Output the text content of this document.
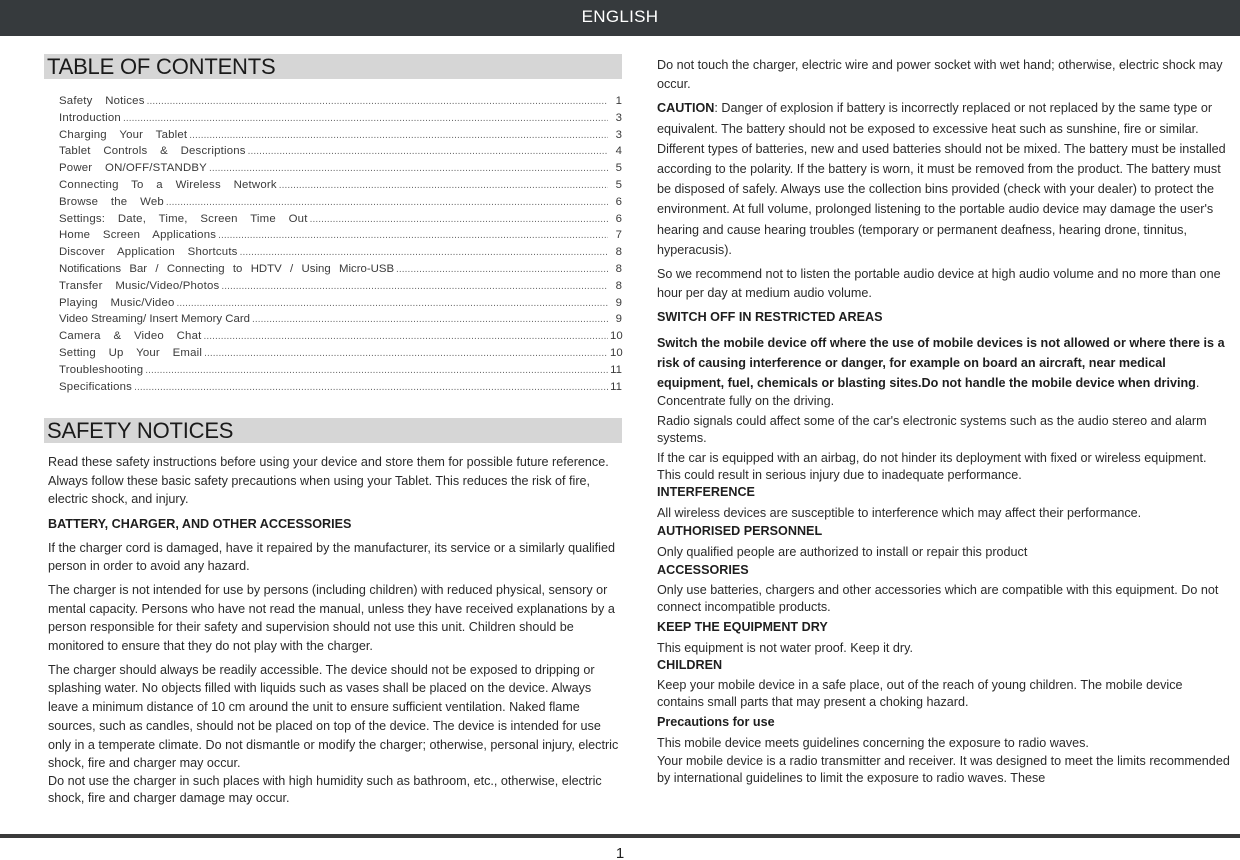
ENGLISH
TABLE OF CONTENTS
Safety  Notices .....	1
Introduction .....	3
Charging  Your  Tablet .....	3
Tablet  Controls  &  Descriptions .....	4
Power  ON/OFF/STANDBY .....	5
Connecting  To  a  Wireless  Network .....	5
Browse  the  Web .....	6
Settings:  Date,  Time,  Screen  Time  Out .....	6
Home  Screen  Applications .....	7
Discover  Application  Shortcuts .....	8
Notifications  Bar  /  Connecting  to  HDTV  /  Using  Micro-USB .....	8
Transfer  Music/Video/Photos .....	8
Playing  Music/Video .....	9
Video Streaming/ Insert Memory Card .....	9
Camera  &  Video  Chat .....	10
Setting  Up  Your  Email .....	10
Troubleshooting .....	11
Specifications .....	11
SAFETY NOTICES

Read these safety instructions before using your device and store them for possible future reference. Always follow these basic safety precautions when using your Tablet. This reduces the risk of fire, electric shock, and injury.

BATTERY, CHARGER, AND OTHER ACCESSORIES

If the charger cord is damaged, have it repaired by the manufacturer, its service or a similarly qualified person in order to avoid any hazard.

The charger is not intended for use by persons (including children) with reduced physical, sensory or mental capacity. Persons who have not read the manual, unless they have received explanations by a person responsible for their safety and supervision should not use this unit. Children should be monitored to ensure that they do not play with the charger.

The charger should always be readily accessible. The device should not be exposed to dripping or splashing water. No objects filled with liquids such as vases shall be placed on the device. Always leave a minimum distance of 10 cm around the unit to ensure sufficient ventilation. Naked flame sources, such as candles, should not be placed on top of the device. The device is intended for use only in a temperate climate. Do not dismantle or modify the charger; otherwise, personal injury, electric shock, fire and charger may occur.

Do not use the charger in such places with high humidity such as bathroom, etc., otherwise, electric shock, fire and charger damage may occur.

Do not touch the charger, electric wire and power socket with wet hand; otherwise, electric shock may occur.

CAUTION: Danger of explosion if battery is incorrectly replaced or not replaced by the same type or equivalent. The battery should not be exposed to excessive heat such as sunshine, fire or similar. Different types of batteries, new and used batteries should not be mixed. The battery must be installed according to the polarity. If the battery is worn, it must be removed from the product. The battery must be disposed of safely. Always use the collection bins provided (check with your dealer) to protect the environment. At full volume, prolonged listening to the portable audio device may damage the user's hearing and cause hearing troubles (temporary or permanent deafness, hearing drone, tinnitus, hyperacusis).

So we recommend not to listen the portable audio device at high audio volume and no more than one hour per day at medium audio volume.

SWITCH OFF IN RESTRICTED AREAS

Switch the mobile device off where the use of mobile devices is not allowed or where there is a risk of causing interference or danger, for example on board an aircraft, near medical equipment, fuel, chemicals or blasting sites.Do not handle the mobile device when driving.

Concentrate fully on the driving.

Radio signals could affect some of the car's electronic systems such as the audio stereo and alarm systems.

If the car is equipped with an airbag, do not hinder its deployment with fixed or wireless equipment. This could result in serious injury due to inadequate performance.

INTERFERENCE

All wireless devices are susceptible to interference which may affect their performance.

AUTHORISED PERSONNEL

Only qualified people are authorized to install or repair this product

ACCESSORIES

Only use batteries, chargers and other accessories which are compatible with this equipment. Do not connect incompatible products.

KEEP THE EQUIPMENT DRY

This equipment is not water proof. Keep it dry.

CHILDREN

Keep your mobile device in a safe place, out of the reach of young children. The mobile device contains small parts that may present a choking hazard.

Precautions for use

This mobile device meets guidelines concerning the exposure to radio waves.

Your mobile device is a radio transmitter and receiver. It was designed to meet the limits recommended by international guidelines to limit the exposure to radio waves. These

1
